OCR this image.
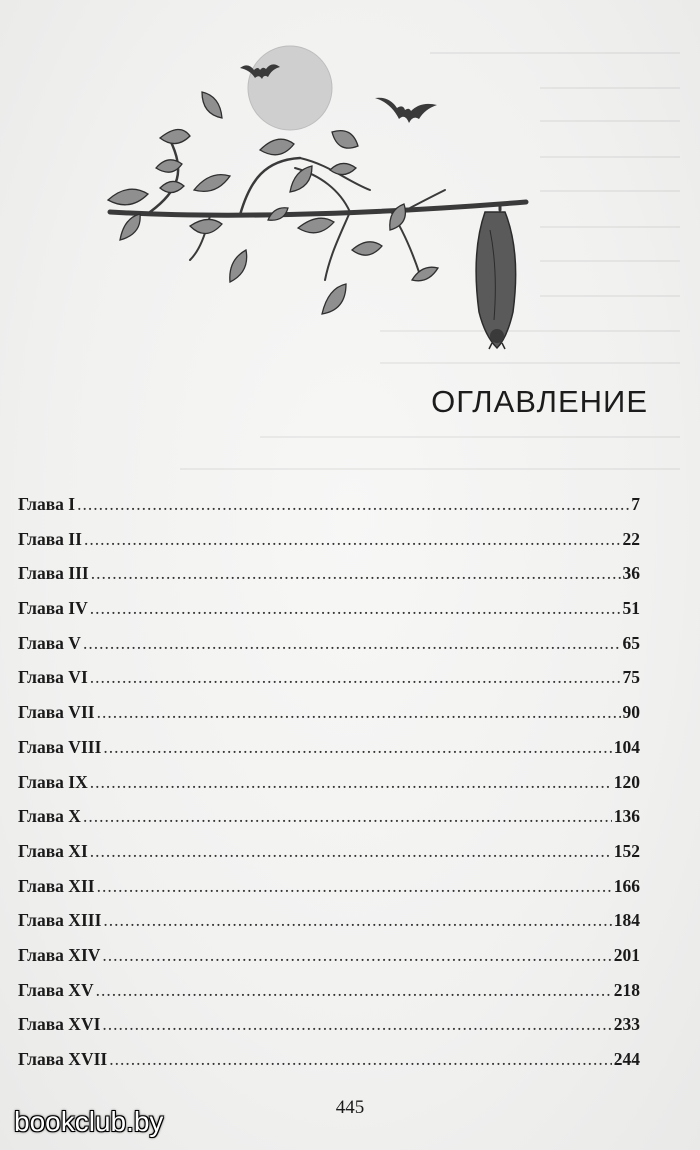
ОГЛАВЛЕНИЕ
Глава I .....	7
Глава II .....	22
Глава III .....	36
Глава IV .....	51
Глава V .....	65
Глава VI .....	75
Глава VII .....	90
Глава VIII .....	104
Глава IX .....	120
Глава X .....	136
Глава XI .....	152
Глава XII .....	166
Глава XIII .....	184
Глава XIV .....	201
Глава XV .....	218
Глава XVI .....	233
Глава XVII .....	244
445
bookclub.by
